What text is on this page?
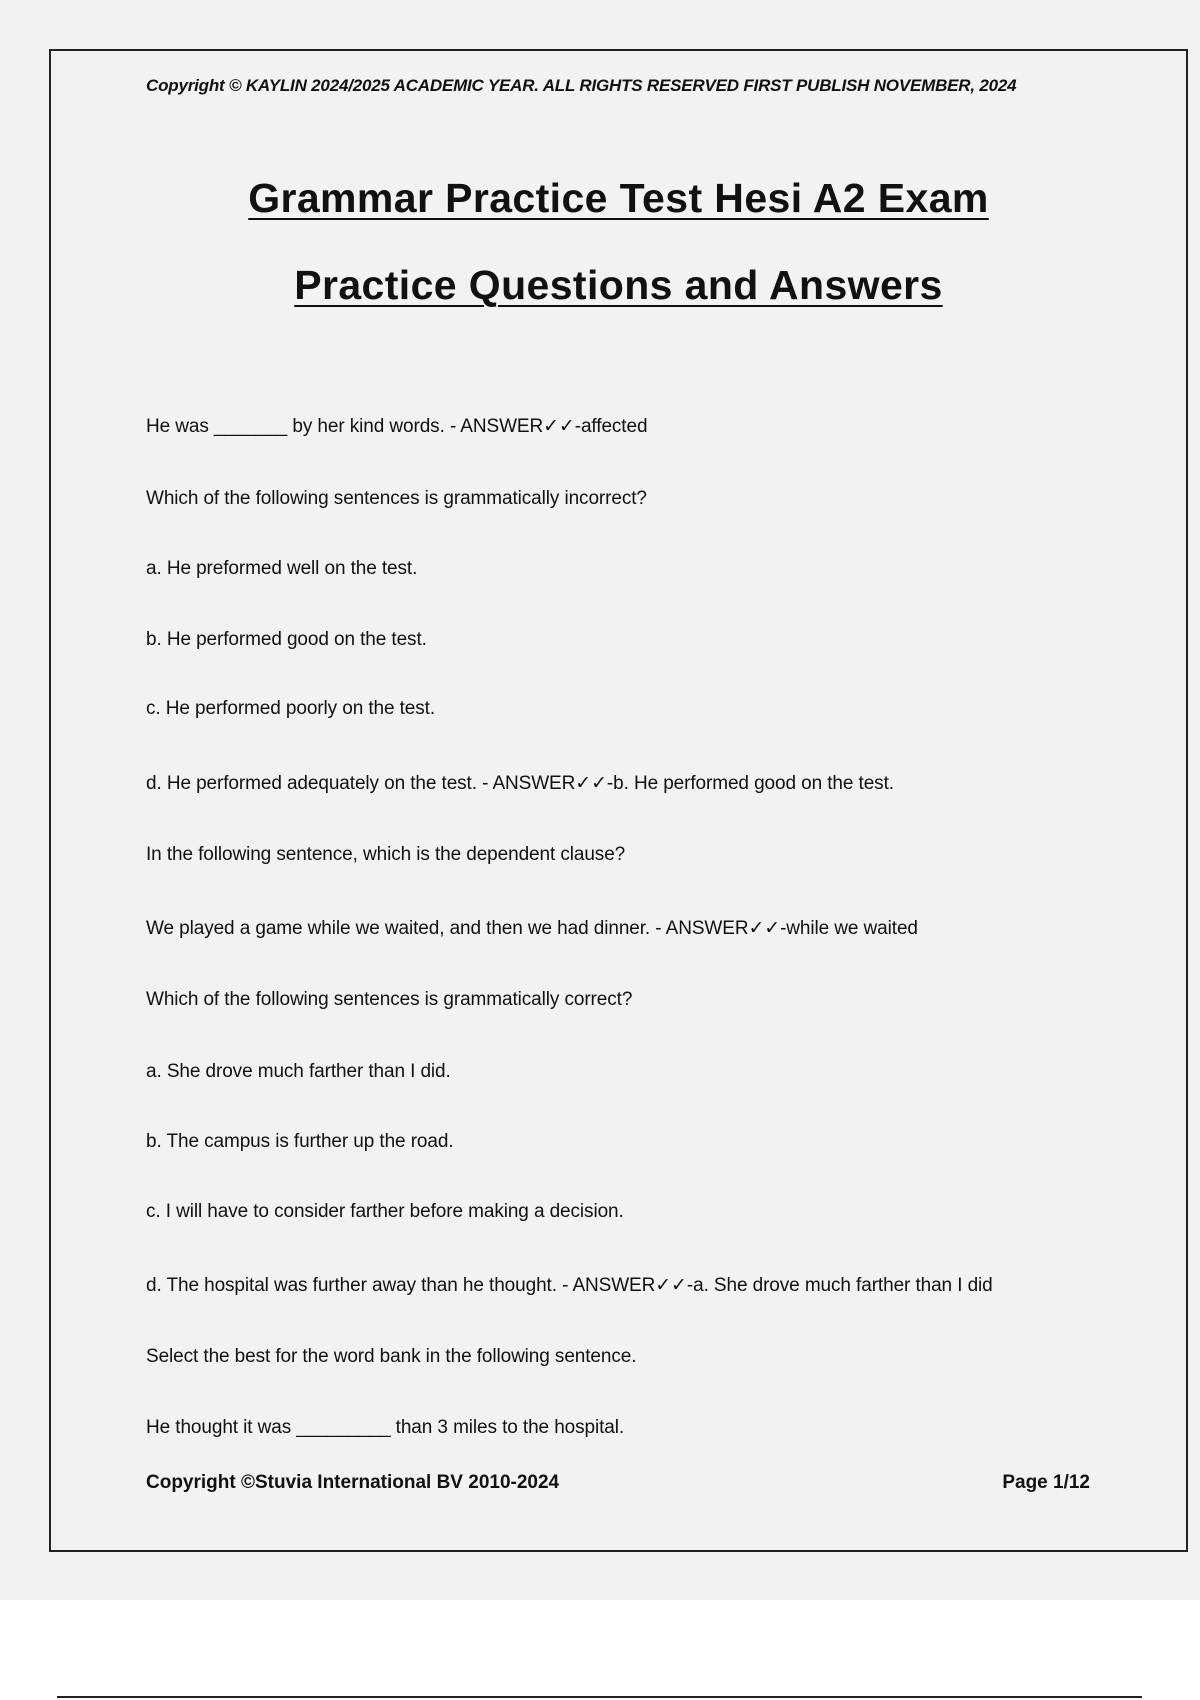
Copyright © KAYLIN 2024/2025 ACADEMIC YEAR. ALL RIGHTS RESERVED FIRST PUBLISH NOVEMBER, 2024
Grammar Practice Test Hesi A2 Exam
Practice Questions and Answers
He was _______ by her kind words. - ANSWER✓✓-affected
Which of the following sentences is grammatically incorrect?
a. He preformed well on the test.
b. He performed good on the test.
c. He performed poorly on the test.
d. He performed adequately on the test. - ANSWER✓✓-b. He performed good on the test.
In the following sentence, which is the dependent clause?
We played a game while we waited, and then we had dinner. - ANSWER✓✓-while we waited
Which of the following sentences is grammatically correct?
a. She drove much farther than I did.
b. The campus is further up the road.
c. I will have to consider farther before making a decision.
d. The hospital was further away than he thought. - ANSWER✓✓-a. She drove much farther than I did
Select the best for the word bank in the following sentence.
He thought it was _________ than 3 miles to the hospital.
Copyright ©Stuvia International BV 2010-2024	Page 1/12
